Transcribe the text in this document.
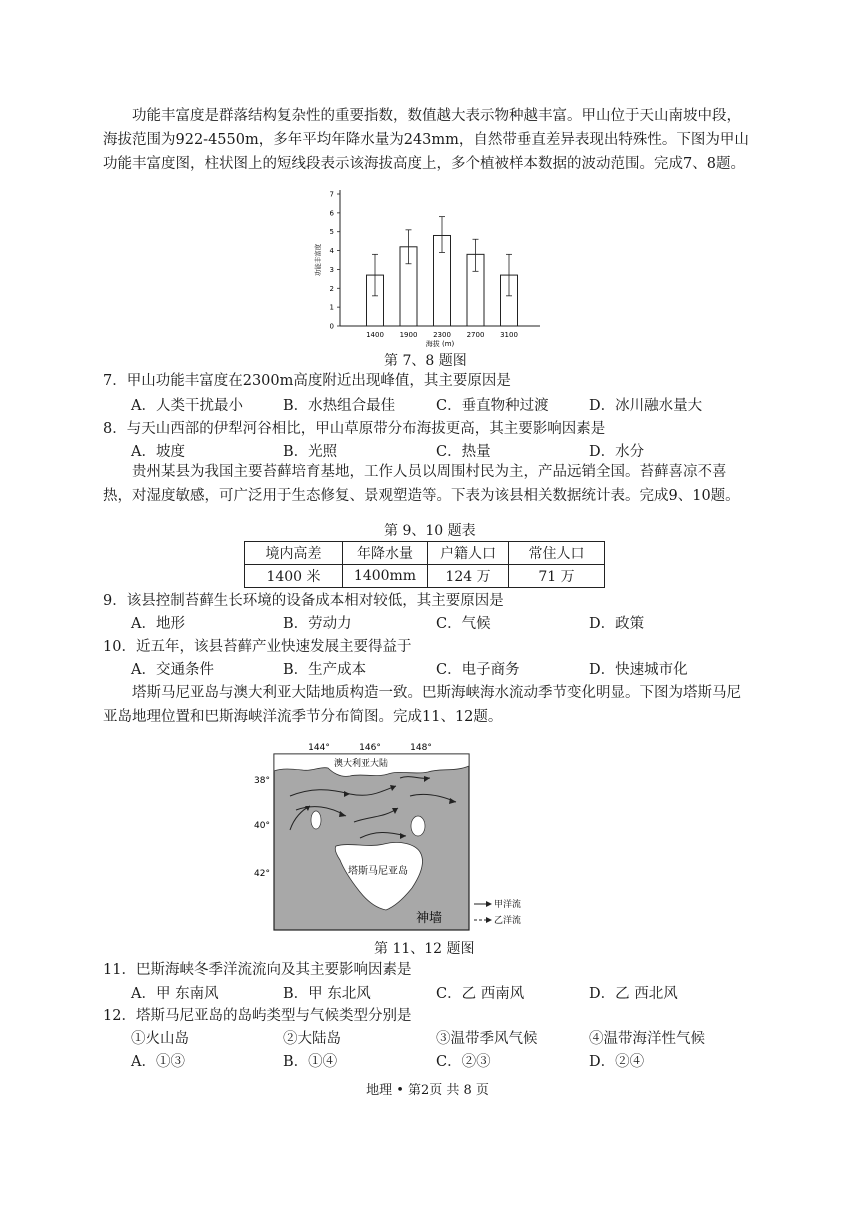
功能丰富度是群落结构复杂性的重要指数，数值越大表示物种越丰富。甲山位于天山南坡中段，海拔范围为922-4550m，多年平均年降水量为243mm，自然带垂直差异表现出特殊性。下图为甲山功能丰富度图，柱状图上的短线段表示该海拔高度上，多个植被样本数据的波动范围。完成7、8题。

0
1
2
3
4
5
6
7
1400 1900 2300 2700 3100
功能丰富度
海拔 (m)
第 7、8 题图
7．甲山功能丰富度在2300m高度附近出现峰值，其主要原因是
A．人类干扰最小	B．水热组合最佳	C．垂直物种过渡	D．冰川融水量大
8．与天山西部的伊犁河谷相比，甲山草原带分布海拔更高，其主要影响因素是
A．坡度	B．光照	C．热量	D．水分

贵州某县为我国主要苔藓培育基地，工作人员以周围村民为主，产品远销全国。苔藓喜凉不喜热，对湿度敏感，可广泛用于生态修复、景观塑造等。下表为该县相关数据统计表。完成9、10题。

第 9、10 题表
境内高差	年降水量	户籍人口	常住人口
1400 米	1400mm	124 万	71 万
9．该县控制苔藓生长环境的设备成本相对较低，其主要原因是
A．地形	B．劳动力	C．气候	D．政策
10．近五年，该县苔藓产业快速发展主要得益于
A．交通条件	B．生产成本	C．电子商务	D．快速城市化

塔斯马尼亚岛与澳大利亚大陆地质构造一致。巴斯海峡海水流动季节变化明显。下图为塔斯马尼亚岛地理位置和巴斯海峡洋流季节分布简图。完成11、12题。

144°	146°	148°
38°
40°
42°
澳大利亚大陆
塔斯马尼亚岛
神墙
甲洋流
乙洋流
第 11、12 题图
11．巴斯海峡冬季洋流流向及其主要影响因素是
A．甲 东南风	B．甲 东北风	C．乙 西南风	D．乙 西北风
12．塔斯马尼亚岛的岛屿类型与气候类型分别是
①火山岛	②大陆岛	③温带季风气候	④温带海洋性气候
A．①③	B．①④	C．②③	D．②④
地理 • 第2页 共 8 页
